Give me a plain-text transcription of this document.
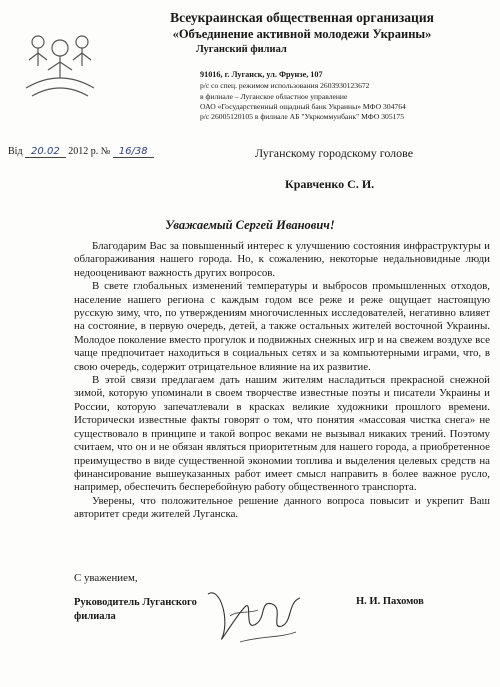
Всеукраинская общественная организация
«Объединение активной молодежи Украины»
Луганский филиал
91016, г. Луганск, ул. Фрунзе, 107
р/с со спец. режимом использования 2603930123672
в филиале – Луганское областное управление
ОАО «Государственный ощадный банк Украины» МФО 304764
р/с 26005120105 в филиале АБ "Укркоммунбанк" МФО 305175
Від 20.02 2012 р. № 16/38	Луганскому городскому голове
Кравченко С. И.
Уважаемый Сергей Иванович!

Благодарим Вас за повышенный интерес к улучшению состояния инфраструктуры и облагораживания нашего города. Но, к сожалению, некоторые недальновидные люди недооценивают важность других вопросов.

В свете глобальных изменений температуры и выбросов промышленных отходов, население нашего региона с каждым годом все реже и реже ощущает настоящую русскую зиму, что, по утверждениям многочисленных исследователей, негативно влияет на состояние, в первую очередь, детей, а также остальных жителей восточной Украины. Молодое поколение вместо прогулок и подвижных снежных игр и на свежем воздухе все чаще предпочитает находиться в социальных сетях и за компьютерными играми, что, в свою очередь, содержит отрицательное влияние на их развитие.

В этой связи предлагаем дать нашим жителям насладиться прекрасной снежной зимой, которую упоминали в своем творчестве известные поэты и писатели Украины и России, которую запечатлевали в красках великие художники прошлого времени. Исторически известные факты говорят о том, что понятия «массовая чистка снега» не существовало в принципе и такой вопрос веками не вызывал никаких трений. Поэтому считаем, что он и не обязан являться приоритетным для нашего города, а приобретенное преимущество в виде существенной экономии топлива и выделения целевых средств на финансирование вышеуказанных работ имеет смысл направить в более важное русло, например, обеспечить бесперебойную работу общественного транспорта.

Уверены, что положительное решение данного вопроса повысит и укрепит Ваш авторитет среди жителей Луганска.

С уважением,
Руководитель Луганского филиала
Н. И. Пахомов
